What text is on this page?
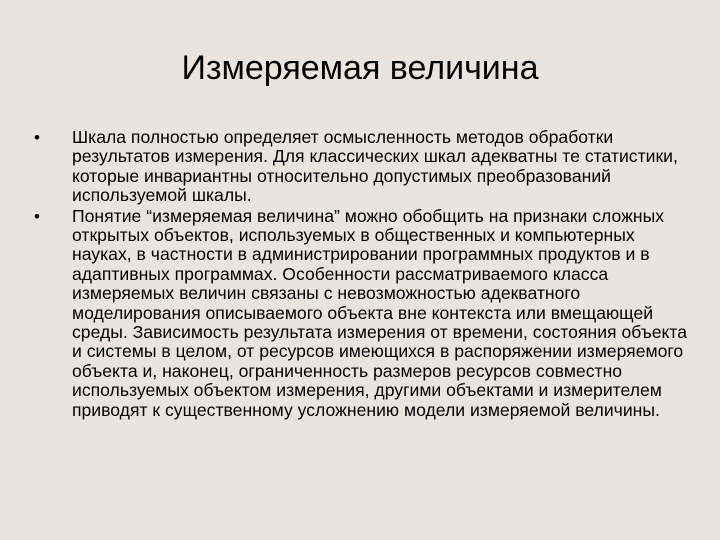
Измеряемая величина
•	Шкала полностью определяет осмысленность методов обработки результатов измерения. Для классических шкал адекватны те статистики, которые инвариантны относительно допустимых преобразований используемой шкалы.
•	Понятие “измеряемая величина” можно обобщить на признаки сложных открытых объектов, используемых в общественных и компьютерных науках, в частности в администрировании программных продуктов и в адаптивных программах. Особенности рассматриваемого класса измеряемых величин связаны с невозможностью адекватного моделирования описываемого объекта вне контекста или вмещающей среды. Зависимость результата измерения от времени, состояния объекта и системы в целом, от ресурсов имеющихся в распоряжении измеряемого объекта и, наконец, ограниченность размеров ресурсов совместно используемых объектом измерения, другими объектами и измерителем приводят к существенному усложнению модели измеряемой величины.
